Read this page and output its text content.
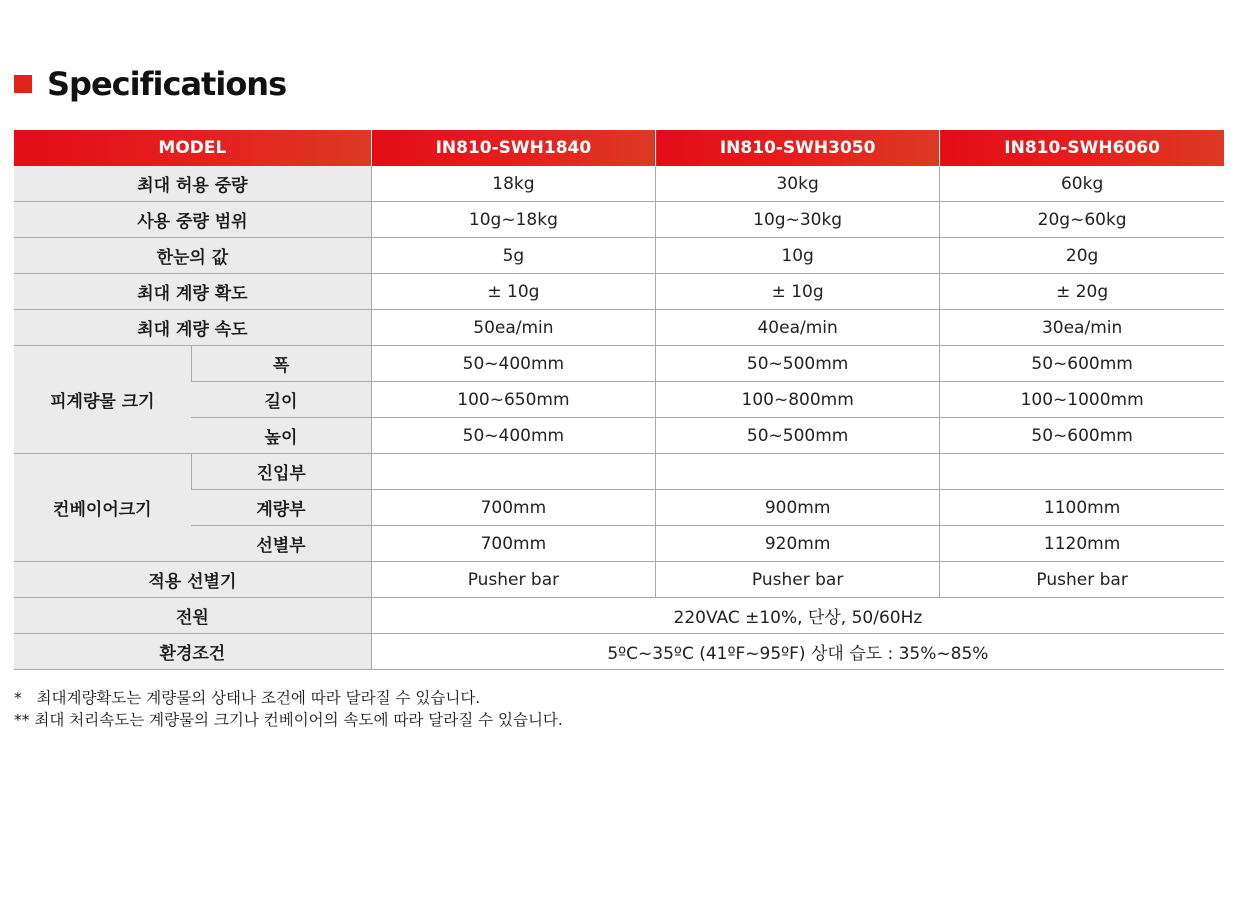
Specifications
MODEL		IN810-SWH1840	IN810-SWH3050	IN810-SWH6060
최대 허용 중량		18kg	30kg	60kg
사용 중량 범위		10g~18kg	10g~30kg	20g~60kg
한눈의 값		5g	10g	20g
최대 계량 확도		± 10g	± 10g	± 20g
최대 계량 속도		50ea/min	40ea/min	30ea/min
피계량물 크기	폭	50~400mm	50~500mm	50~600mm
	길이	100~650mm	100~800mm	100~1000mm
	높이	50~400mm	50~500mm	50~600mm
컨베이어크기	진입부			
	계량부	700mm	900mm	1100mm
	선별부	700mm	920mm	1120mm
적용 선별기		Pusher bar	Pusher bar	Pusher bar
전원		220VAC ±10%, 단상, 50/60Hz		
환경조건		5ºC~35ºC (41ºF~95ºF) 상대 습도 : 35%~85%		
*   최대계량확도는 계량물의 상태나 조건에 따라 달라질 수 있습니다.
** 최대 처리속도는 계량물의 크기나 컨베이어의 속도에 따라 달라질 수 있습니다.
